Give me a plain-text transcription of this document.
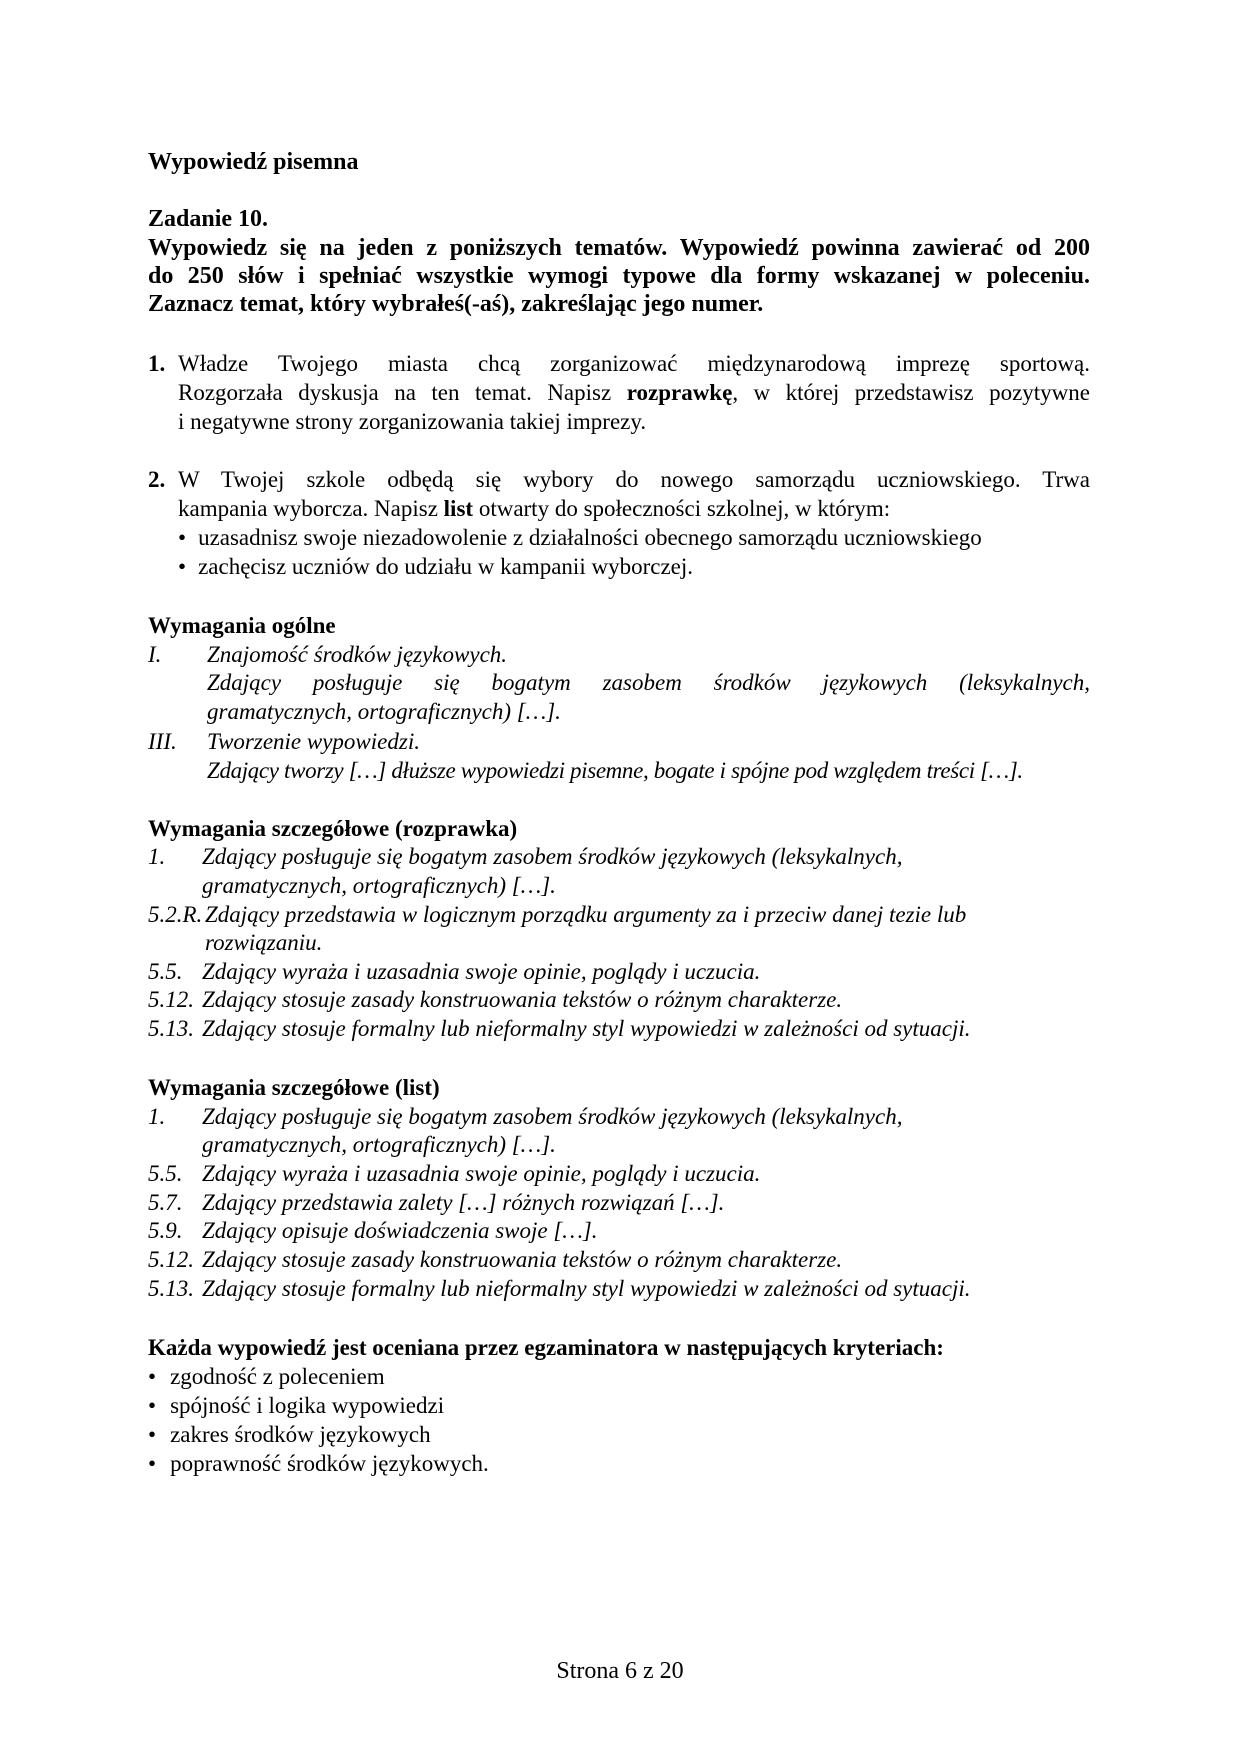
Wypowiedź pisemna
Zadanie 10.
Wypowiedz się na jeden z poniższych tematów. Wypowiedź powinna zawierać od 200
do 250 słów i spełniać wszystkie wymogi typowe dla formy wskazanej w poleceniu.
Zaznacz temat, który wybrałeś(-aś), zakreślając jego numer.
1. Władze Twojego miasta chcą zorganizować międzynarodową imprezę sportową.
Rozgorzała dyskusja na ten temat. Napisz rozprawkę, w której przedstawisz pozytywne
i negatywne strony zorganizowania takiej imprezy.
2. W Twojej szkole odbędą się wybory do nowego samorządu uczniowskiego. Trwa
kampania wyborcza. Napisz list otwarty do społeczności szkolnej, w którym:
• uzasadnisz swoje niezadowolenie z działalności obecnego samorządu uczniowskiego
• zachęcisz uczniów do udziału w kampanii wyborczej.
Wymagania ogólne
I. Znajomość środków językowych.
Zdający posługuje się bogatym zasobem środków językowych (leksykalnych,
gramatycznych, ortograficznych) […].
III. Tworzenie wypowiedzi.
Zdający tworzy […] dłuższe wypowiedzi pisemne, bogate i spójne pod względem treści […].
Wymagania szczegółowe (rozprawka)
1. Zdający posługuje się bogatym zasobem środków językowych (leksykalnych,
gramatycznych, ortograficznych) […].
5.2.R. Zdający przedstawia w logicznym porządku argumenty za i przeciw danej tezie lub
rozwiązaniu.
5.5. Zdający wyraża i uzasadnia swoje opinie, poglądy i uczucia.
5.12. Zdający stosuje zasady konstruowania tekstów o różnym charakterze.
5.13. Zdający stosuje formalny lub nieformalny styl wypowiedzi w zależności od sytuacji.
Wymagania szczegółowe (list)
1. Zdający posługuje się bogatym zasobem środków językowych (leksykalnych,
gramatycznych, ortograficznych) […].
5.5. Zdający wyraża i uzasadnia swoje opinie, poglądy i uczucia.
5.7. Zdający przedstawia zalety […] różnych rozwiązań […].
5.9. Zdający opisuje doświadczenia swoje […].
5.12. Zdający stosuje zasady konstruowania tekstów o różnym charakterze.
5.13. Zdający stosuje formalny lub nieformalny styl wypowiedzi w zależności od sytuacji.
Każda wypowiedź jest oceniana przez egzaminatora w następujących kryteriach:
• zgodność z poleceniem
• spójność i logika wypowiedzi
• zakres środków językowych
• poprawność środków językowych.
Strona 6 z 20
